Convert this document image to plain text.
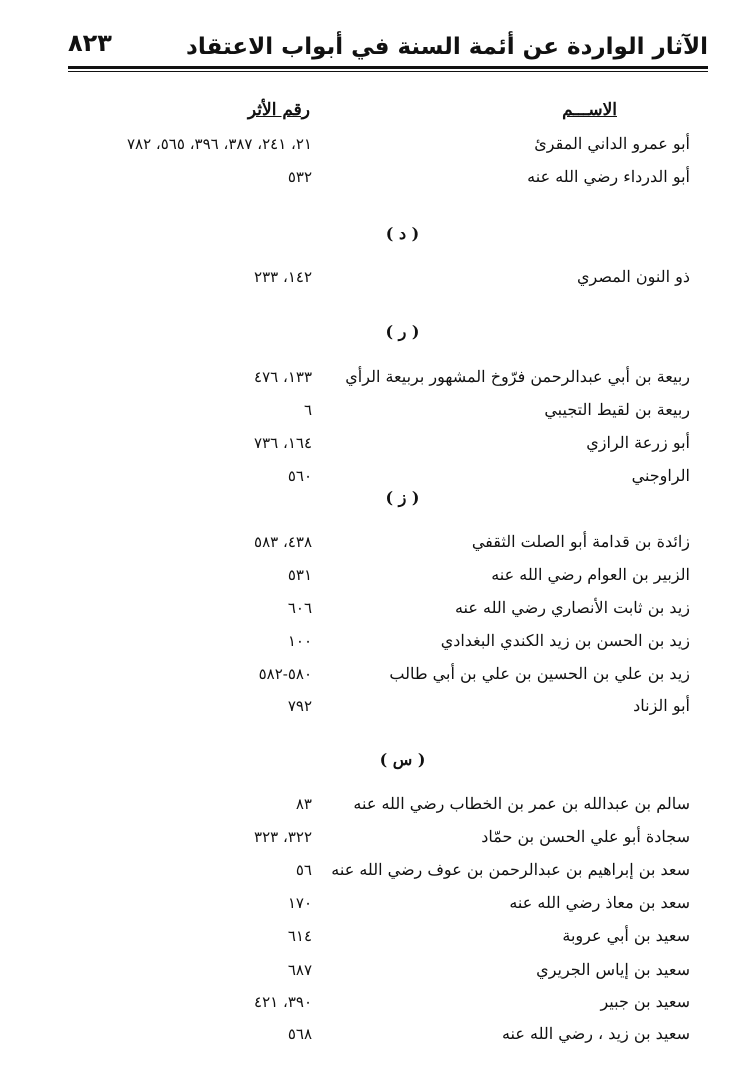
الآثار الواردة عن أئمة السنة في أبواب الاعتقاد
٨٢٣
الاســـم
رقم الأثر
أبو عمرو الداني المقرئ
٢١، ٢٤١، ٣٨٧، ٣٩٦، ٥٦٥، ٧٨٢
أبو الدرداء رضي الله عنه
٥٣٢
( د )
ذو النون المصري
١٤٢، ٢٣٣
( ر )
ربيعة بن أبي عبدالرحمن فرّوخ المشهور بربيعة الرأي
١٣٣، ٤٧٦
ربيعة بن لقيط التجيبي
٦
أبو زرعة الرازي
١٦٤، ٧٣٦
الراوجني
٥٦٠
( ز )
زائدة بن قدامة أبو الصلت الثقفي
٤٣٨، ٥٨٣
الزبير بن العوام رضي الله عنه
٥٣١
زيد بن ثابت الأنصاري رضي الله عنه
٦٠٦
زيد بن الحسن بن زيد الكندي البغدادي
١٠٠
زيد بن علي بن الحسين بن علي بن أبي طالب
٥٨٠-٥٨٢
أبو الزناد
٧٩٢
( س )
سالم بن عبدالله بن عمر بن الخطاب رضي الله عنه
٨٣
سجادة أبو علي الحسن بن حمّاد
٣٢٢، ٣٢٣
سعد بن إبراهيم بن عبدالرحمن بن عوف رضي الله عنه
٥٦
سعد بن معاذ رضي الله عنه
١٧٠
سعيد بن أبي عروبة
٦١٤
سعيد بن إياس الجريري
٦٨٧
سعيد بن جبير
٣٩٠، ٤٢١
سعيد بن زيد ، رضي الله عنه
٥٦٨
